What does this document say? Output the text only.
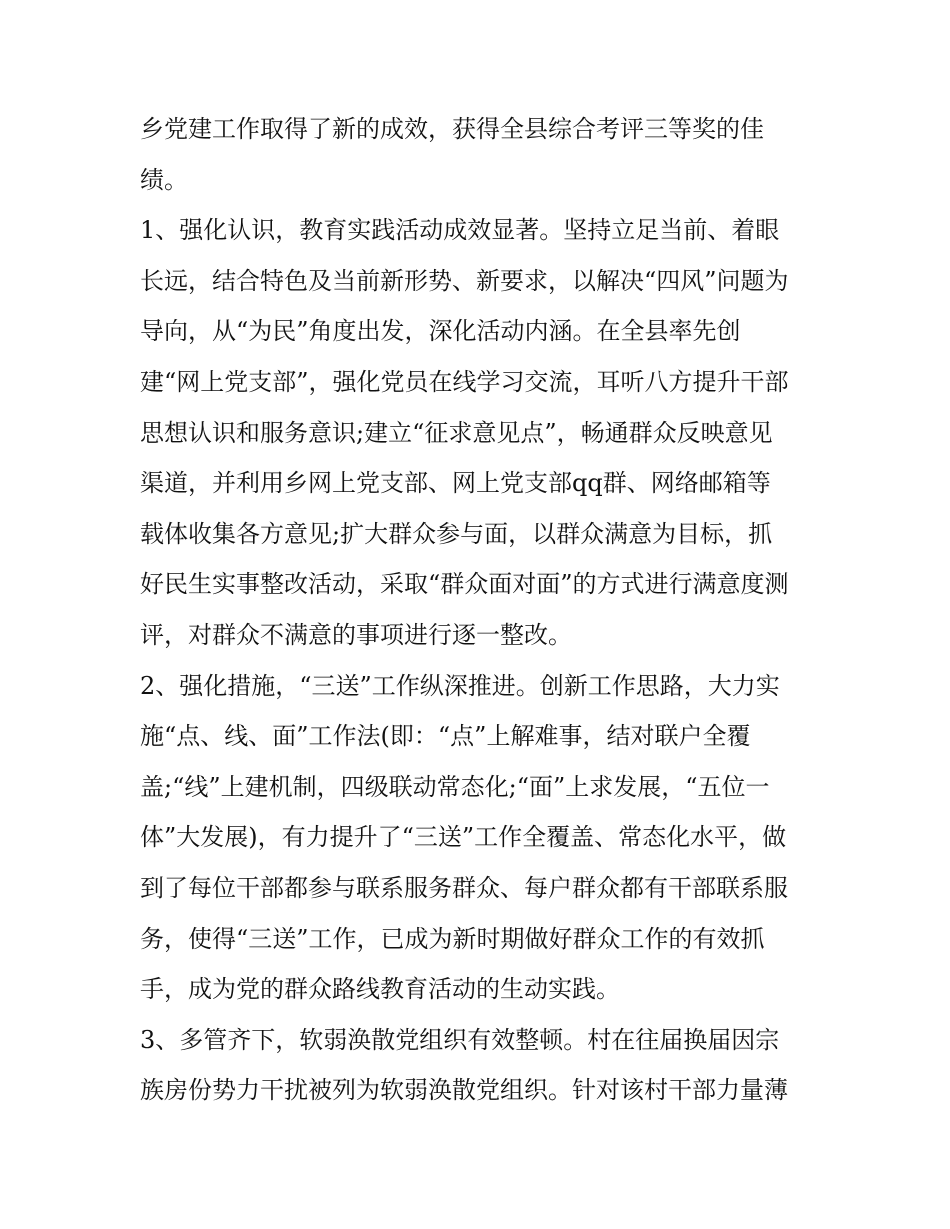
乡党建工作取得了新的成效，获得全县综合考评三等奖的佳

绩。

1、强化认识，教育实践活动成效显著。坚持立足当前、着眼

长远，结合特色及当前新形势、新要求，以解决“四风”问题为

导向，从“为民”角度出发，深化活动内涵。在全县率先创

建“网上党支部”，强化党员在线学习交流，耳听八方提升干部

思想认识和服务意识;建立“征求意见点”，畅通群众反映意见

渠道，并利用乡网上党支部、网上党支部qq群、网络邮箱等

载体收集各方意见;扩大群众参与面，以群众满意为目标，抓

好民生实事整改活动，采取“群众面对面”的方式进行满意度测

评，对群众不满意的事项进行逐一整改。

2、强化措施，“三送”工作纵深推进。创新工作思路，大力实

施“点、线、面”工作法(即：“点”上解难事，结对联户全覆

盖;“线”上建机制，四级联动常态化;“面”上求发展，“五位一

体”大发展)，有力提升了“三送”工作全覆盖、常态化水平，做

到了每位干部都参与联系服务群众、每户群众都有干部联系服

务，使得“三送”工作，已成为新时期做好群众工作的有效抓

手，成为党的群众路线教育活动的生动实践。

3、多管齐下，软弱涣散党组织有效整顿。村在往届换届因宗

族房份势力干扰被列为软弱涣散党组织。针对该村干部力量薄
